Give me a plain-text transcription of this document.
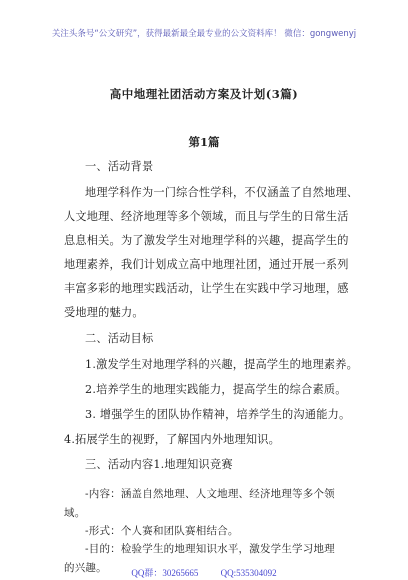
关注头条号“公文研究”，获得最新最全最专业的公文资料库！ 微信：gongwenyj
高中地理社团活动方案及计划(3篇)
第1篇
一、活动背景
地理学科作为一门综合性学科，不仅涵盖了自然地理、
人文地理、经济地理等多个领域，而且与学生的日常生活
息息相关。为了激发学生对地理学科的兴趣，提高学生的
地理素养，我们计划成立高中地理社团，通过开展一系列
丰富多彩的地理实践活动，让学生在实践中学习地理，感
受地理的魅力。
二、活动目标
1.激发学生对地理学科的兴趣，提高学生的地理素养。
2.培养学生的地理实践能力，提高学生的综合素质。
3. 增强学生的团队协作精神，培养学生的沟通能力。
4.拓展学生的视野，了解国内外地理知识。
三、活动内容1.地理知识竞赛
-内容：涵盖自然地理、人文地理、经济地理等多个领
域。
-形式：个人赛和团队赛相结合。
QQ群：30265665 QQ:535304092
-目的：检验学生的地理知识水平，激发学生学习地理
的兴趣。
